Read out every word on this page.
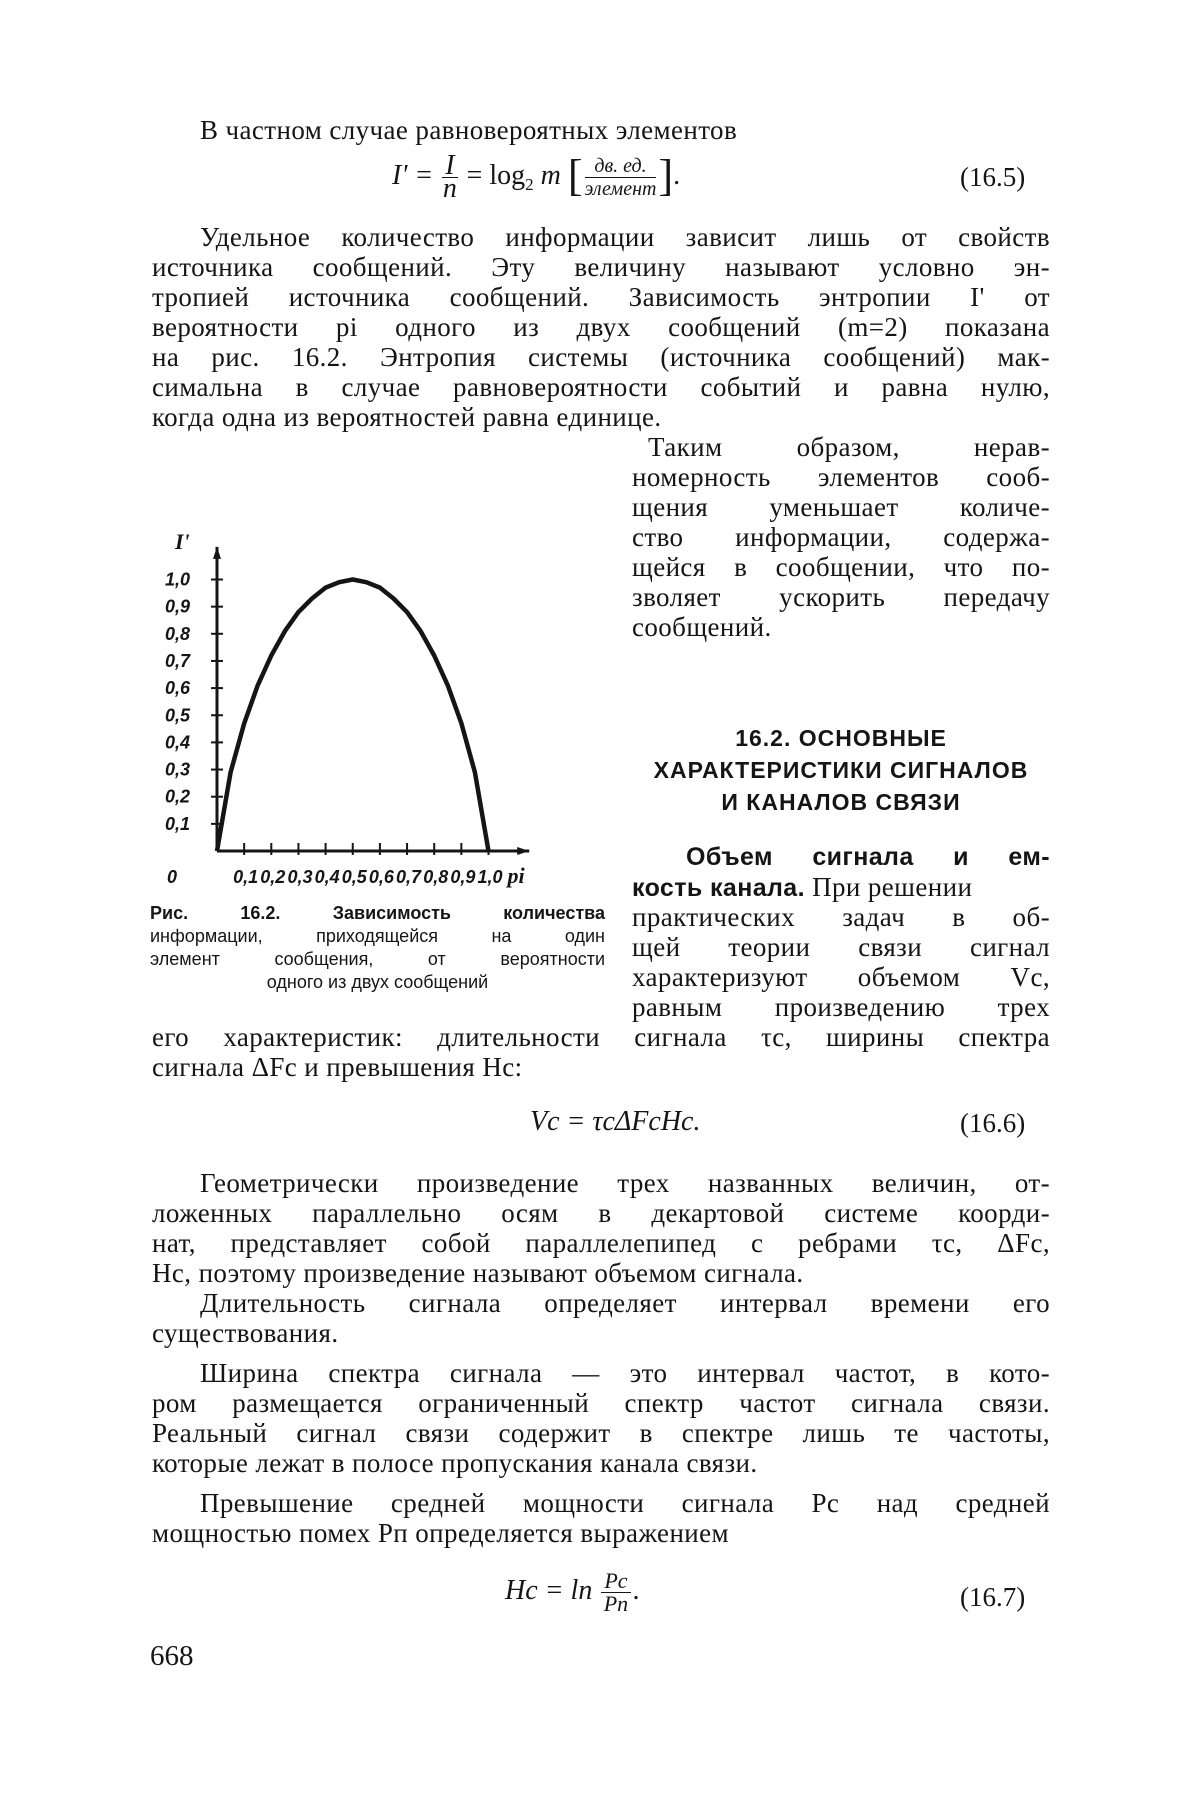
В частном случае равновероятных элементов
$I' = \frac{I}{n} = \log_2 m$ [ $\frac{дв. ед.}{\text{элемент}}$ ].	(16.5)
Удельное количество информации зависит лишь от свойств
источника сообщений. Эту величину называют условно эн-
тропией источника сообщений. Зависимость энтропии I' от
вероятности pi одного из двух сообщений (m=2) показана
на рис. 16.2. Энтропия системы (источника сообщений) мак-
симальна в случае равновероятности событий и равна нулю,
когда одна из вероятностей равна единице.
Таким образом, нерав-
номерность элементов сооб-
щения уменьшает количе-
ство информации, содержа-
щейся в сообщении, что по-
зволяет ускорить передачу
сообщений.
16.2. ОСНОВНЫЕ
ХАРАКТЕРИСТИКИ СИГНАЛОВ
И КАНАЛОВ СВЯЗИ
Объем сигнала и ем-
кость канала. При решении
практических задач в об-
щей теории связи сигнал
характеризуют объемом Vc,
равным произведению трех
его характеристик: длительности сигнала τc, ширины спектра
сигнала ΔFc и превышения Hc:
Vc = τcΔFcHc.	(16.6)
Геометрически произведение трех названных величин, от-
ложенных параллельно осям в декартовой системе коорди-
нат, представляет собой параллелепипед с ребрами τc, ΔFc,
Hc, поэтому произведение называют объемом сигнала.
Длительность сигнала определяет интервал времени его
существования.
Ширина спектра сигнала — это интервал частот, в кото-
ром размещается ограниченный спектр частот сигнала связи.
Реальный сигнал связи содержит в спектре лишь те частоты,
которые лежат в полосе пропускания канала связи.
Превышение средней мощности сигнала Pc над средней
мощностью помех Pп определяется выражением
$Hc = \ln \frac{Pc}{Pп}$ .	(16.7)
668
I'
pi
0,1
0,2
0,3
0,4
0,5
0,6
0,7
0,8
0,9
1,0
0	0,1 0,2 0,3 0,4 0,5 0,6 0,7 0,8 0,9 1,0
Рис. 16.2. Зависимость количества
информации, приходящейся на один
элемент сообщения, от вероятности
одного из двух сообщений
